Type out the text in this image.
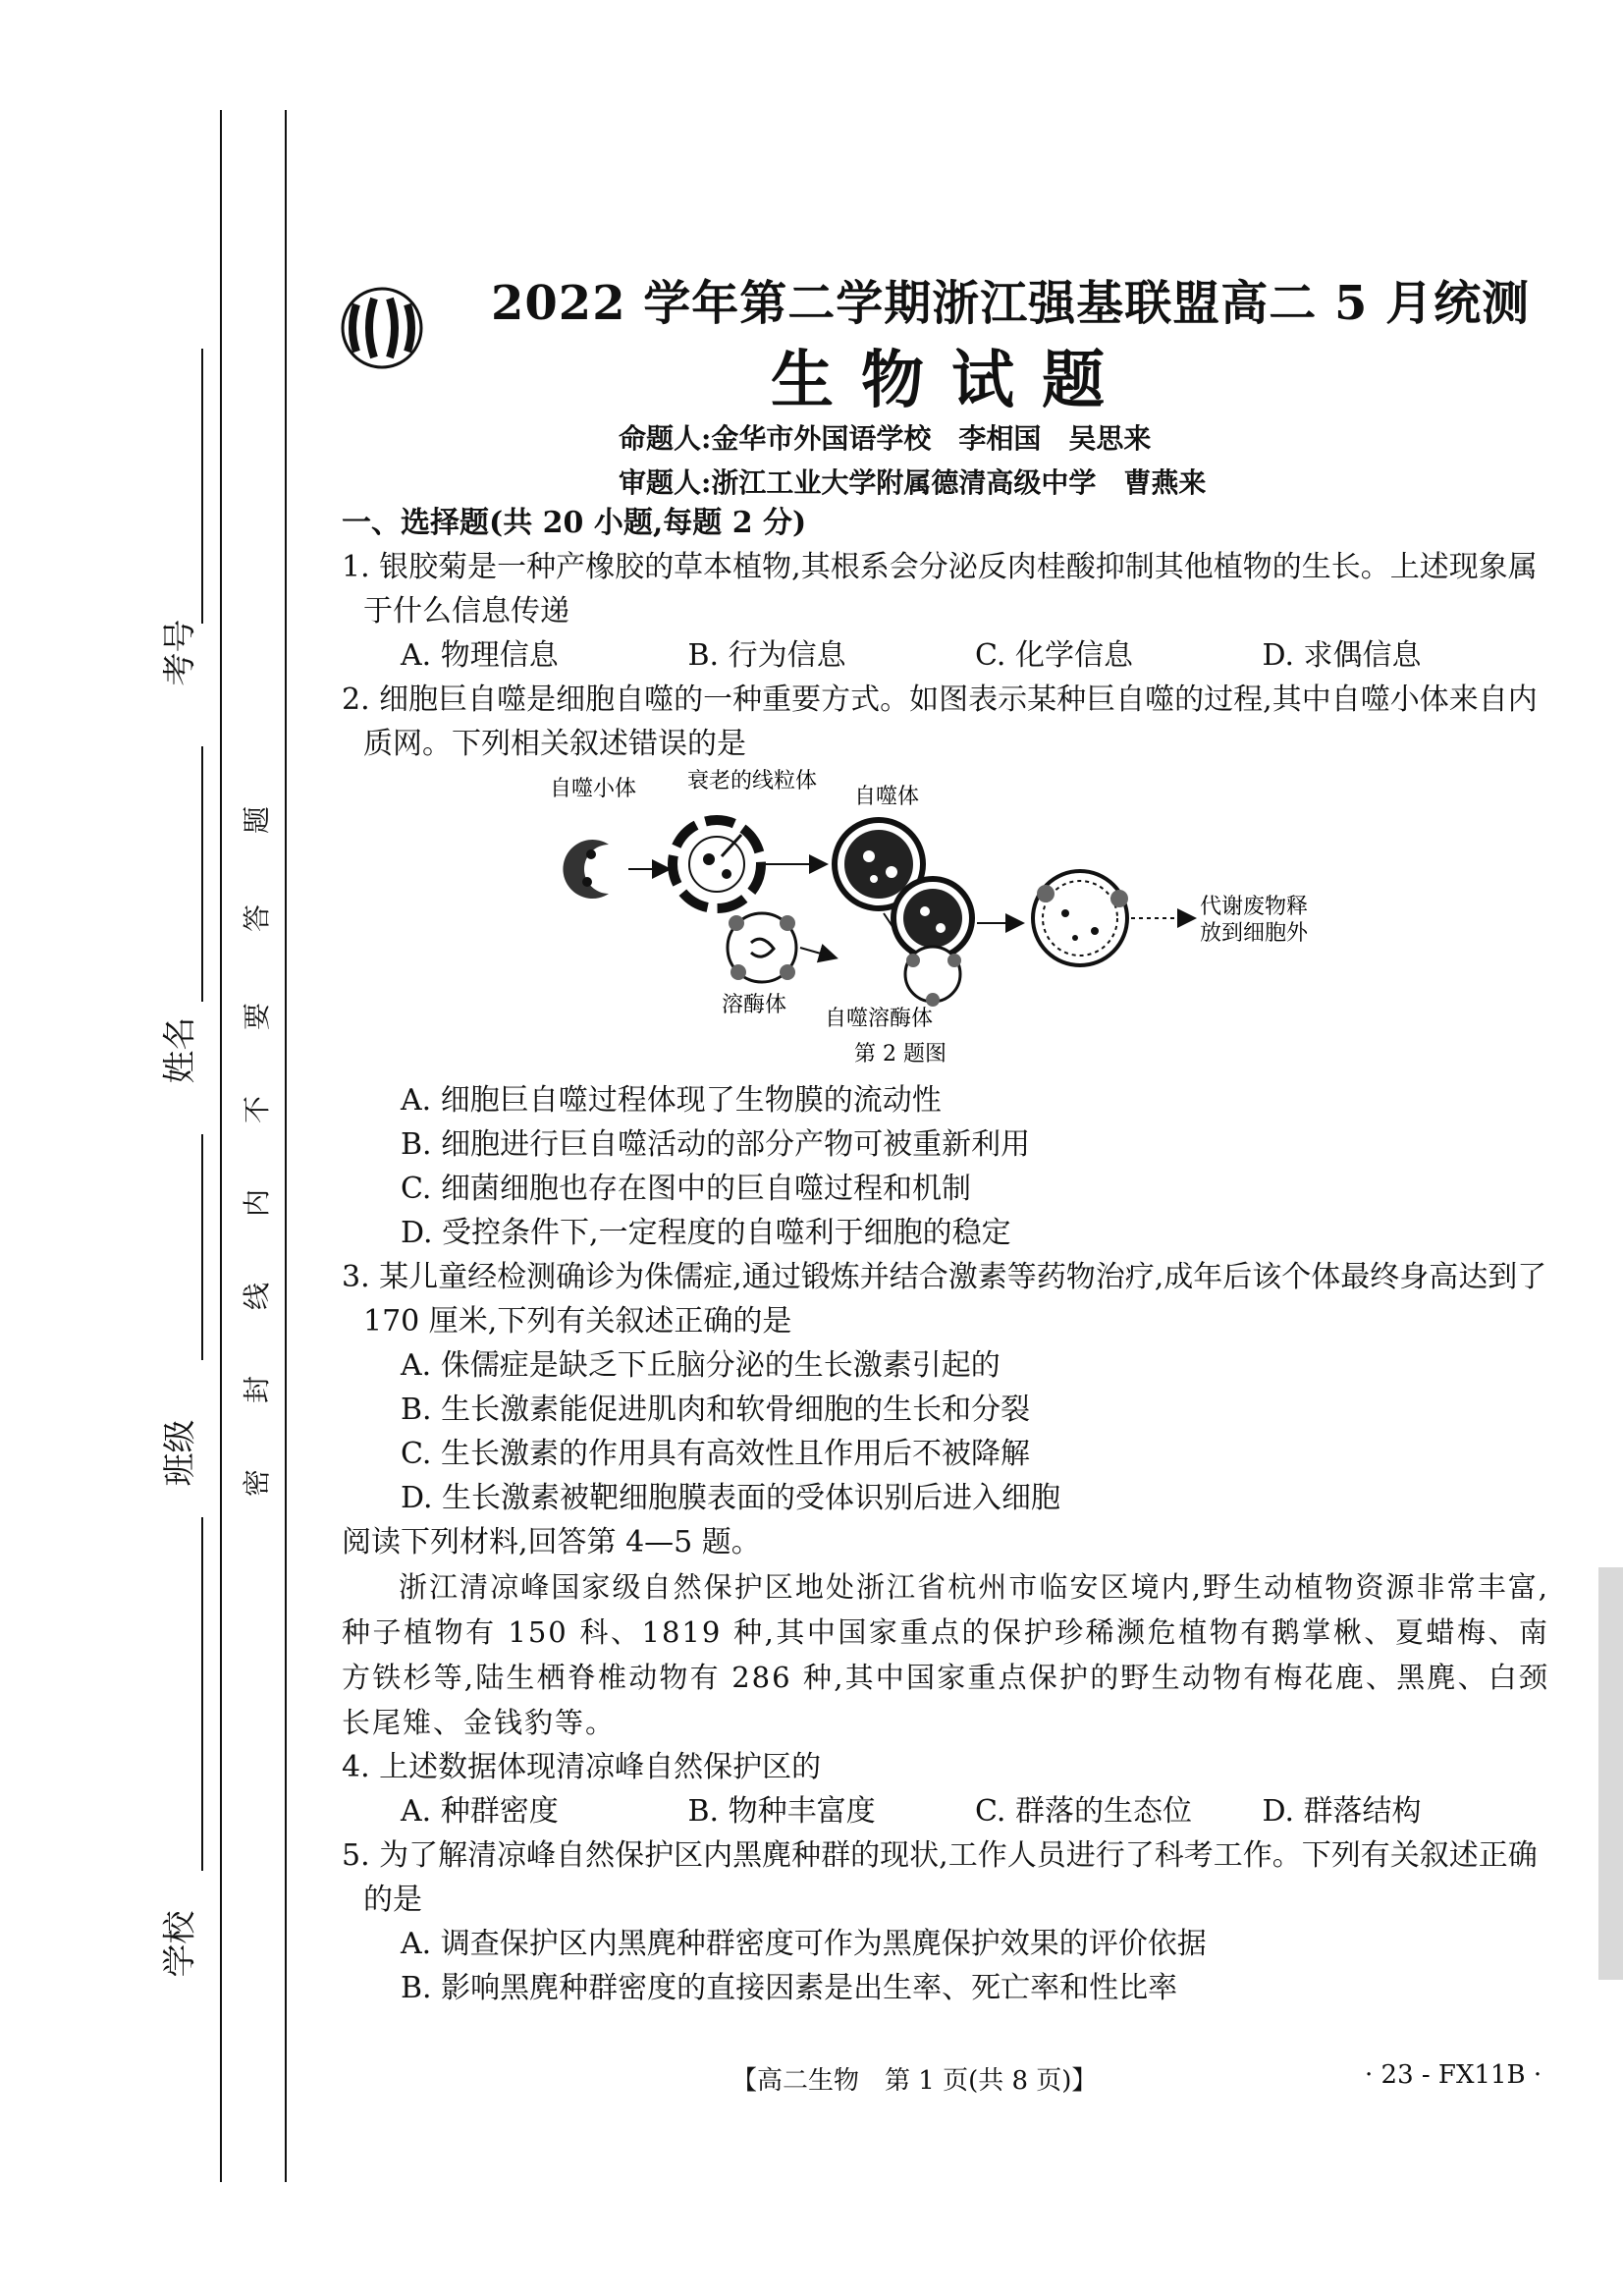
考号
姓名
班级
学校
题
答
要
不
内
线
封
密
2022 学年第二学期浙江强基联盟高二 5 月统测
生物试题
命题人:金华市外国语学校　李相国　吴思来
审题人:浙江工业大学附属德清高级中学　曹燕来
一、选择题(共 20 小题,每题 2 分)
1. 银胶菊是一种产橡胶的草本植物,其根系会分泌反肉桂酸抑制其他植物的生长。上述现象属于什么信息传递
A. 物理信息	B. 行为信息	C. 化学信息	D. 求偶信息
2. 细胞巨自噬是细胞自噬的一种重要方式。如图表示某种巨自噬的过程,其中自噬小体来自内质网。下列相关叙述错误的是
自噬小体 衰老的线粒体
自噬体
溶酶体
自噬溶酶体
代谢废物释
放到细胞外
第 2 题图
A. 细胞巨自噬过程体现了生物膜的流动性
B. 细胞进行巨自噬活动的部分产物可被重新利用
C. 细菌细胞也存在图中的巨自噬过程和机制
D. 受控条件下,一定程度的自噬利于细胞的稳定
3. 某儿童经检测确诊为侏儒症,通过锻炼并结合激素等药物治疗,成年后该个体最终身高达到了 170 厘米,下列有关叙述正确的是
A. 侏儒症是缺乏下丘脑分泌的生长激素引起的
B. 生长激素能促进肌肉和软骨细胞的生长和分裂
C. 生长激素的作用具有高效性且作用后不被降解
D. 生长激素被靶细胞膜表面的受体识别后进入细胞
阅读下列材料,回答第 4—5 题。
浙江清凉峰国家级自然保护区地处浙江省杭州市临安区境内,野生动植物资源非常丰富,种子植物有 150 科、1819 种,其中国家重点的保护珍稀濒危植物有鹅掌楸、夏蜡梅、南方铁杉等,陆生栖脊椎动物有 286 种,其中国家重点保护的野生动物有梅花鹿、黑麂、白颈长尾雉、金钱豹等。
4. 上述数据体现清凉峰自然保护区的
A. 种群密度	B. 物种丰富度	C. 群落的生态位	D. 群落结构
5. 为了解清凉峰自然保护区内黑麂种群的现状,工作人员进行了科考工作。下列有关叙述正确的是
A. 调查保护区内黑麂种群密度可作为黑麂保护效果的评价依据
B. 影响黑麂种群密度的直接因素是出生率、死亡率和性比率
【高二生物　第 1 页(共 8 页)】	· 23 - FX11B ·
